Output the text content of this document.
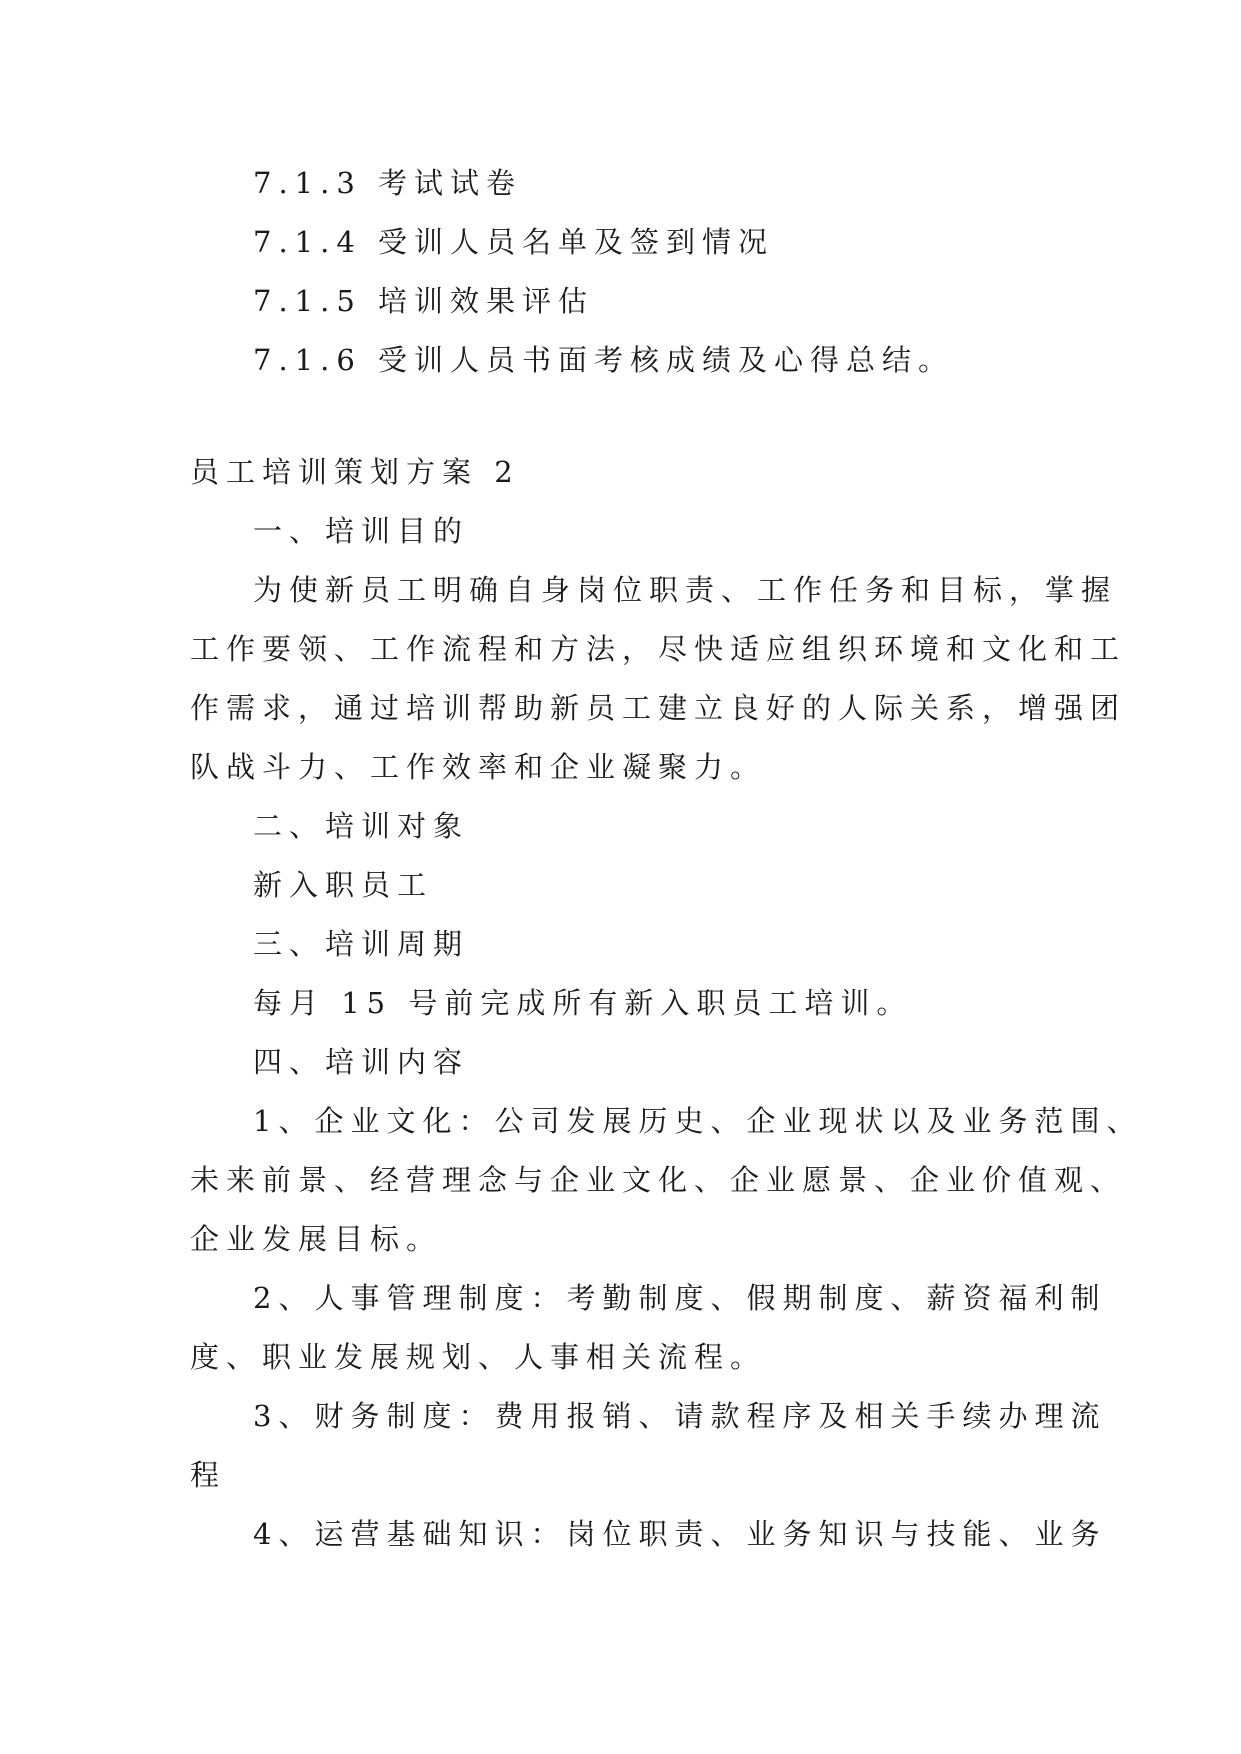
7.1.3 考试试卷
7.1.4 受训人员名单及签到情况
7.1.5 培训效果评估
7.1.6 受训人员书面考核成绩及心得总结。
员工培训策划方案 2
一、培训目的
为使新员工明确自身岗位职责、工作任务和目标，掌握
工作要领、工作流程和方法，尽快适应组织环境和文化和工
作需求，通过培训帮助新员工建立良好的人际关系，增强团
队战斗力、工作效率和企业凝聚力。
二、培训对象
新入职员工
三、培训周期
每月 15 号前完成所有新入职员工培训。
四、培训内容
1、企业文化：公司发展历史、企业现状以及业务范围、
未来前景、经营理念与企业文化、企业愿景、企业价值观、
企业发展目标。
2、人事管理制度：考勤制度、假期制度、薪资福利制
度、职业发展规划、人事相关流程。
3、财务制度：费用报销、请款程序及相关手续办理流
程
4、运营基础知识：岗位职责、业务知识与技能、业务
